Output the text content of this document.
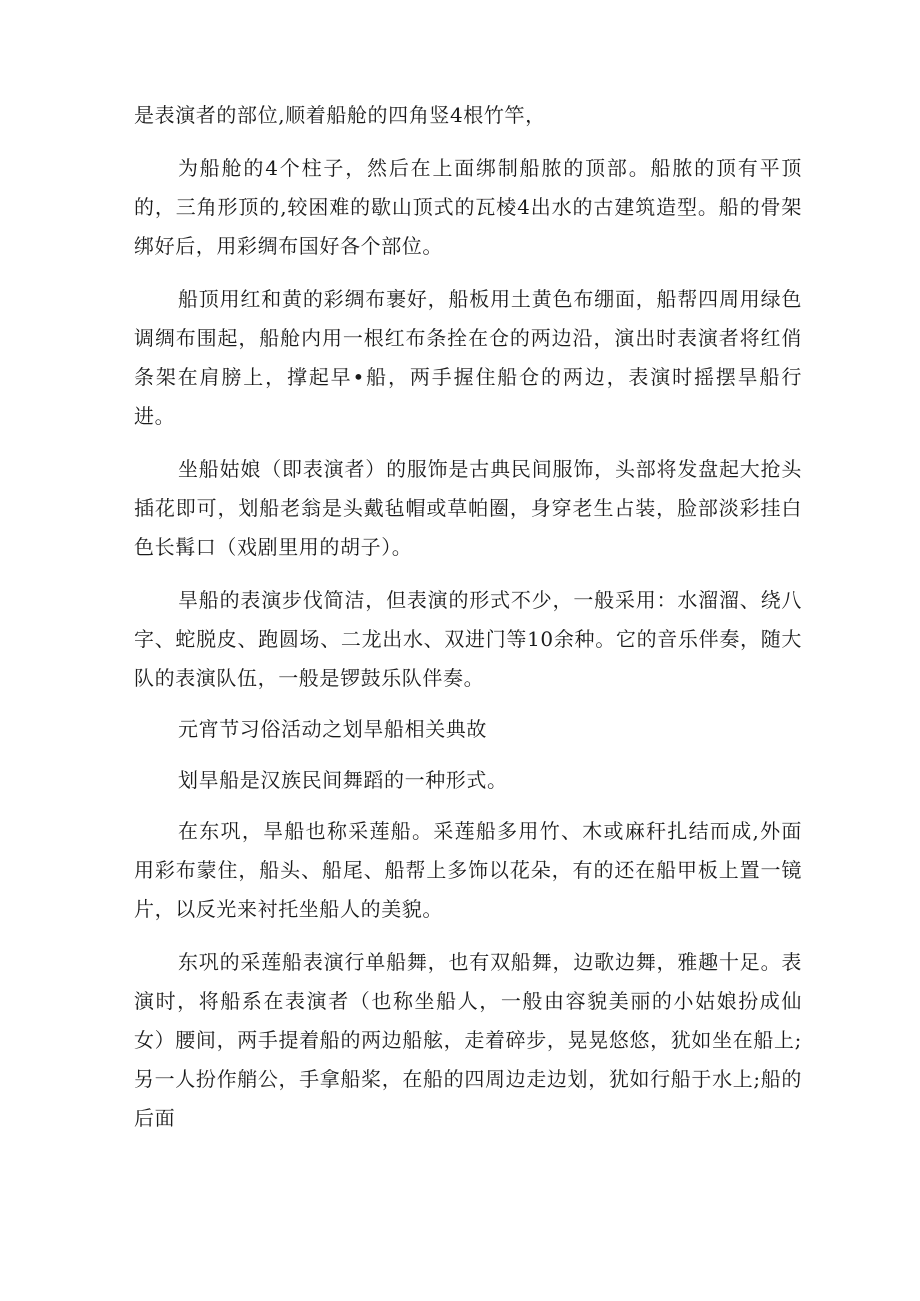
是表演者的部位,顺着船舱的四角竖4根竹竿，

为船舱的4个柱子，然后在上面绑制船脓的顶部。船脓的顶有平顶的，三角形顶的,较困难的歇山顶式的瓦棱4出水的古建筑造型。船的骨架绑好后，用彩绸布国好各个部位。

船顶用红和黄的彩绸布裹好，船板用土黄色布绷面，船帮四周用绿色调绸布围起，船舱内用一根红布条拴在仓的两边沿，演出时表演者将红俏条架在肩膀上，撑起早•船，两手握住船仓的两边，表演时摇摆旱船行进。

坐船姑娘（即表演者）的服饰是古典民间服饰，头部将发盘起大抢头插花即可，划船老翁是头戴毡帽或草帕圈，身穿老生占装，脸部淡彩挂白色长髯口（戏剧里用的胡子）。

旱船的表演步伐简洁，但表演的形式不少，一般采用：水溜溜、绕八字、蛇脱皮、跑圆场、二龙出水、双进门等10余种。它的音乐伴奏，随大队的表演队伍，一般是锣鼓乐队伴奏。

元宵节习俗活动之划旱船相关典故

划旱船是汉族民间舞蹈的一种形式。

在东巩，旱船也称采莲船。采莲船多用竹、木或麻秆扎结而成,外面用彩布蒙住，船头、船尾、船帮上多饰以花朵，有的还在船甲板上置一镜片，以反光来衬托坐船人的美貌。

东巩的采莲船表演行单船舞，也有双船舞，边歌边舞，雅趣十足。表演时，将船系在表演者（也称坐船人，一般由容貌美丽的小姑娘扮成仙女）腰间，两手提着船的两边船舷，走着碎步，晃晃悠悠，犹如坐在船上;另一人扮作艄公，手拿船桨，在船的四周边走边划，犹如行船于水上;船的后面
